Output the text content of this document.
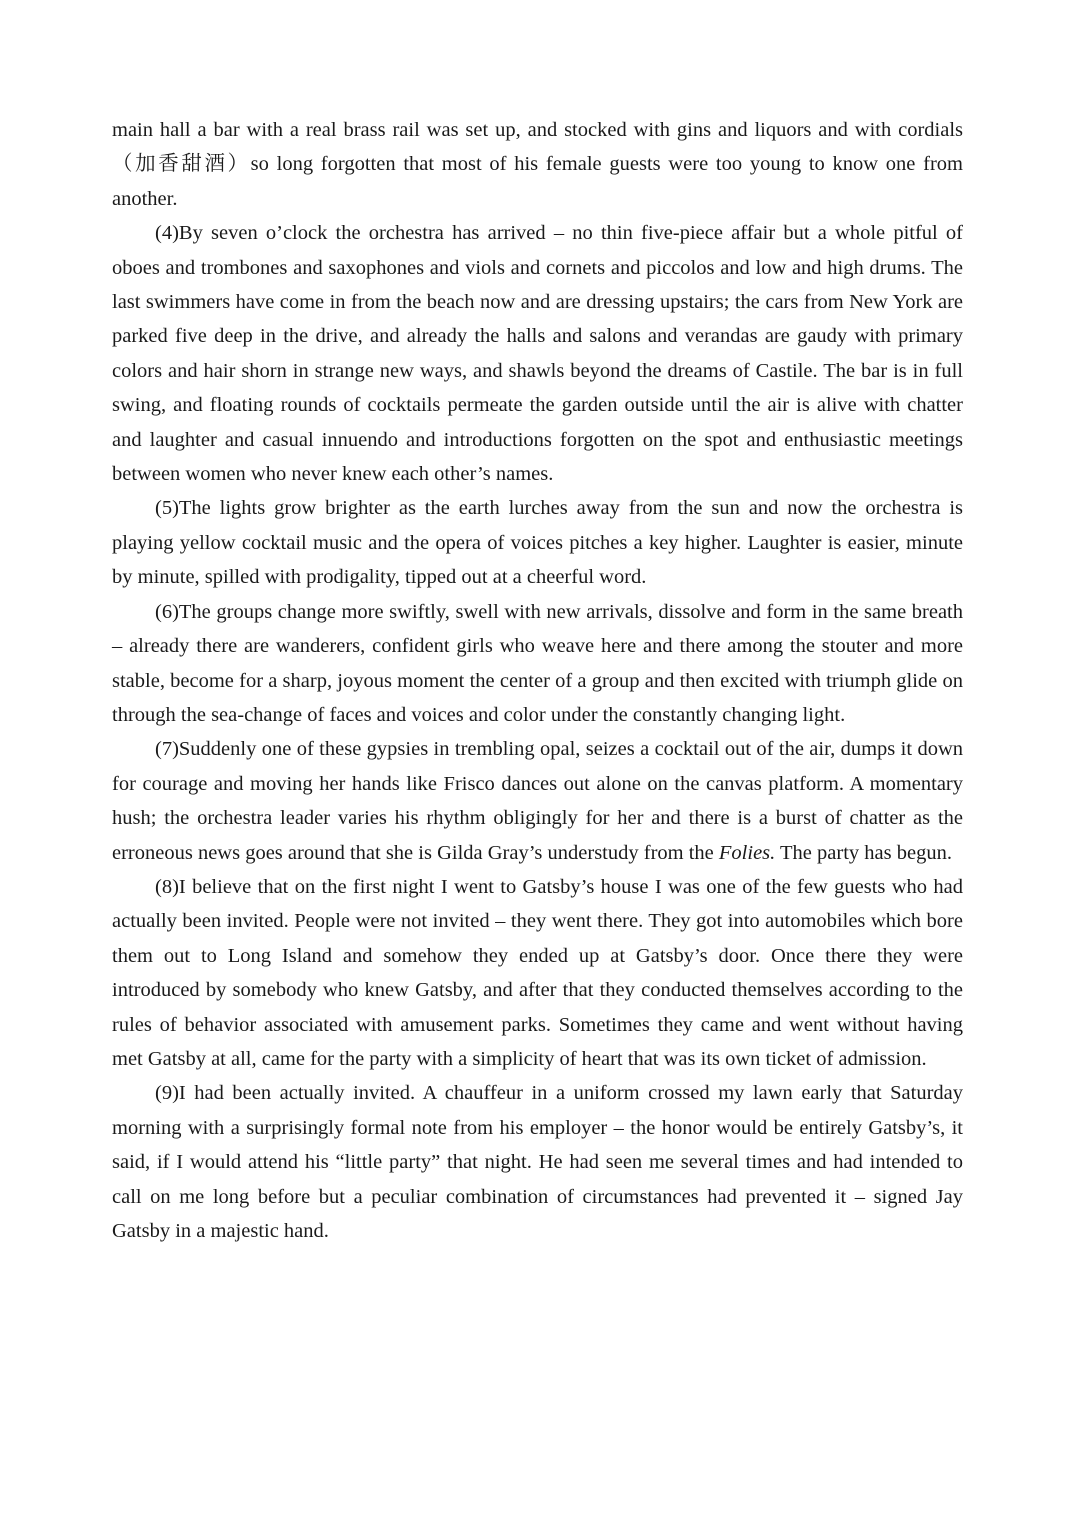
main hall a bar with a real brass rail was set up, and stocked with gins and liquors and with cordials（加香甜酒）so long forgotten that most of his female guests were too young to know one from another.

(4)By seven o’clock the orchestra has arrived – no thin five-piece affair but a whole pitful of oboes and trombones and saxophones and viols and cornets and piccolos and low and high drums. The last swimmers have come in from the beach now and are dressing upstairs; the cars from New York are parked five deep in the drive, and already the halls and salons and verandas are gaudy with primary colors and hair shorn in strange new ways, and shawls beyond the dreams of Castile. The bar is in full swing, and floating rounds of cocktails permeate the garden outside until the air is alive with chatter and laughter and casual innuendo and introductions forgotten on the spot and enthusiastic meetings between women who never knew each other’s names.

(5)The lights grow brighter as the earth lurches away from the sun and now the orchestra is playing yellow cocktail music and the opera of voices pitches a key higher. Laughter is easier, minute by minute, spilled with prodigality, tipped out at a cheerful word.

(6)The groups change more swiftly, swell with new arrivals, dissolve and form in the same breath – already there are wanderers, confident girls who weave here and there among the stouter and more stable, become for a sharp, joyous moment the center of a group and then excited with triumph glide on through the sea-change of faces and voices and color under the constantly changing light.

(7)Suddenly one of these gypsies in trembling opal, seizes a cocktail out of the air, dumps it down for courage and moving her hands like Frisco dances out alone on the canvas platform. A momentary hush; the orchestra leader varies his rhythm obligingly for her and there is a burst of chatter as the erroneous news goes around that she is Gilda Gray’s understudy from the Folies. The party has begun.

(8)I believe that on the first night I went to Gatsby’s house I was one of the few guests who had actually been invited. People were not invited – they went there. They got into automobiles which bore them out to Long Island and somehow they ended up at Gatsby’s door. Once there they were introduced by somebody who knew Gatsby, and after that they conducted themselves according to the rules of behavior associated with amusement parks. Sometimes they came and went without having met Gatsby at all, came for the party with a simplicity of heart that was its own ticket of admission.

(9)I had been actually invited. A chauffeur in a uniform crossed my lawn early that Saturday morning with a surprisingly formal note from his employer – the honor would be entirely Gatsby’s, it said, if I would attend his “little party” that night. He had seen me several times and had intended to call on me long before but a peculiar combination of circumstances had prevented it – signed Jay Gatsby in a majestic hand.
